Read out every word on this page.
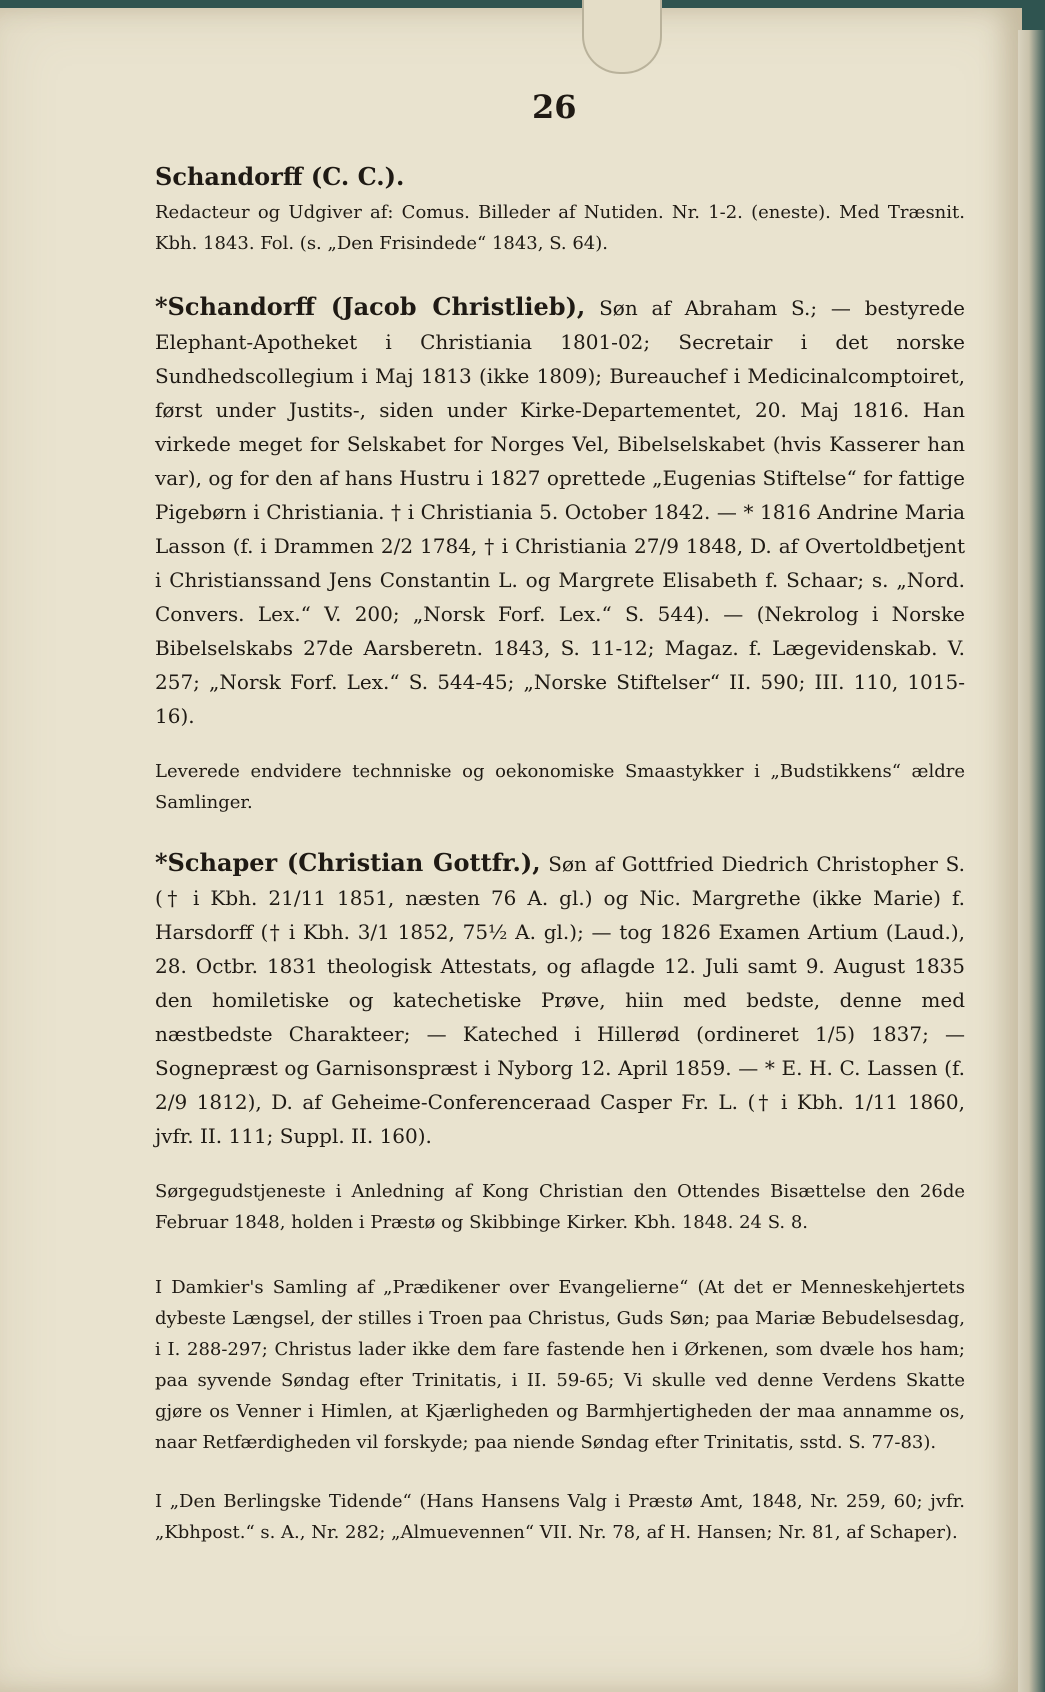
26
Schandorff (C. C.).
Redacteur og Udgiver af: Comus. Billeder af Nutiden. Nr. 1-2. (eneste). Med Træsnit. Kbh. 1843. Fol. (s. „Den Frisindede“ 1843, S. 64).
*Schandorff (Jacob Christlieb), Søn af Abraham S.; — bestyrede Elephant-Apotheket i Christiania 1801-02; Secretair i det norske Sundhedscollegium i Maj 1813 (ikke 1809); Bureauchef i Medicinalcomptoiret, først under Justits-, siden under Kirke-Departementet, 20. Maj 1816. Han virkede meget for Selskabet for Norges Vel, Bibelselskabet (hvis Kasserer han var), og for den af hans Hustru i 1827 oprettede „Eugenias Stiftelse“ for fattige Pigebørn i Christiania. † i Christiania 5. October 1842. — * 1816 Andrine Maria Lasson (f. i Drammen 2/2 1784, † i Christiania 27/9 1848, D. af Overtoldbetjent i Christianssand Jens Constantin L. og Margrete Elisabeth f. Schaar; s. „Nord. Convers. Lex.“ V. 200; „Norsk Forf. Lex.“ S. 544). — (Nekrolog i Norske Bibelselskabs 27de Aarsberetn. 1843, S. 11-12; Magaz. f. Lægevidenskab. V. 257; „Norsk Forf. Lex.“ S. 544-45; „Norske Stiftelser“ II. 590; III. 110, 1015-16).
Leverede endvidere technniske og oekonomiske Smaastykker i „Budstikkens“ ældre Samlinger.
*Schaper (Christian Gottfr.), Søn af Gottfried Diedrich Christopher S. († i Kbh. 21/11 1851, næsten 76 A. gl.) og Nic. Margrethe (ikke Marie) f. Harsdorff († i Kbh. 3/1 1852, 75½ A. gl.); — tog 1826 Examen Artium (Laud.), 28. Octbr. 1831 theologisk Attestats, og aflagde 12. Juli samt 9. August 1835 den homiletiske og katechetiske Prøve, hiin med bedste, denne med næstbedste Charakteer; — Kateched i Hillerød (ordineret 1/5) 1837; — Sognepræst og Garnisonspræst i Nyborg 12. April 1859. — * E. H. C. Lassen (f. 2/9 1812), D. af Geheime-Conferenceraad Casper Fr. L. († i Kbh. 1/11 1860, jvfr. II. 111; Suppl. II. 160).
Sørgegudstjeneste i Anledning af Kong Christian den Ottendes Bisættelse den 26de Februar 1848, holden i Præstø og Skibbinge Kirker. Kbh. 1848. 24 S. 8.
I Damkier's Samling af „Prædikener over Evangelierne“ (At det er Menneskehjertets dybeste Længsel, der stilles i Troen paa Christus, Guds Søn; paa Mariæ Bebudelsesdag, i I. 288-297; Christus lader ikke dem fare fastende hen i Ørkenen, som dvæle hos ham; paa syvende Søndag efter Trinitatis, i II. 59-65; Vi skulle ved denne Verdens Skatte gjøre os Venner i Himlen, at Kjærligheden og Barmhjertigheden der maa annamme os, naar Retfærdigheden vil forskyde; paa niende Søndag efter Trinitatis, sstd. S. 77-83).
I „Den Berlingske Tidende“ (Hans Hansens Valg i Præstø Amt, 1848, Nr. 259, 60; jvfr. „Kbhpost.“ s. A., Nr. 282; „Almuevennen“ VII. Nr. 78, af H. Hansen; Nr. 81, af Schaper).
